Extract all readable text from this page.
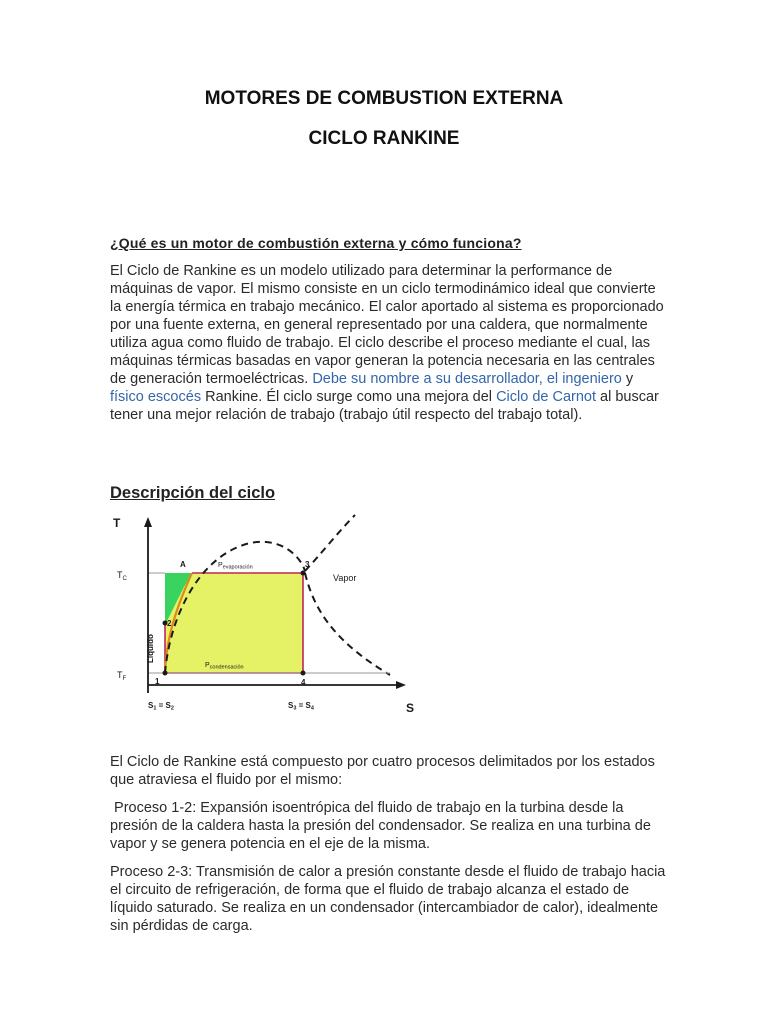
MOTORES DE COMBUSTION EXTERNA
CICLO RANKINE
¿Qué es un motor de combustión externa y cómo funciona?
El Ciclo de Rankine es un modelo utilizado para determinar la performance de máquinas de vapor. El mismo consiste en un ciclo termodinámico ideal que convierte la energía térmica en trabajo mecánico. El calor aportado al sistema es proporcionado por una fuente externa, en general representado por una caldera, que normalmente utiliza agua como fluido de trabajo. El ciclo describe el proceso mediante el cual, las máquinas térmicas basadas en vapor generan la potencia necesaria en las centrales de generación termoeléctricas. Debe su nombre a su desarrollador, el ingeniero y físico escocés Rankine. Él ciclo surge como una mejora del Ciclo de Carnot al buscar tener una mejor relación de trabajo (trabajo útil respecto del trabajo total).
Descripción del ciclo
T
S
$T_C$
$T_F$
A
1
2
3
4
$P_{evaporación}$
$P_{condensación}$
Vapor
Líquido
S1 = S2	S3 = S4
El Ciclo de Rankine está compuesto por cuatro procesos delimitados por los estados que atraviesa el fluido por el mismo:
Proceso 1-2: Expansión isoentrópica del fluido de trabajo en la turbina desde la presión de la caldera hasta la presión del condensador. Se realiza en una turbina de vapor y se genera potencia en el eje de la misma.
Proceso 2-3: Transmisión de calor a presión constante desde el fluido de trabajo hacia el circuito de refrigeración, de forma que el fluido de trabajo alcanza el estado de líquido saturado. Se realiza en un condensador (intercambiador de calor), idealmente sin pérdidas de carga.
